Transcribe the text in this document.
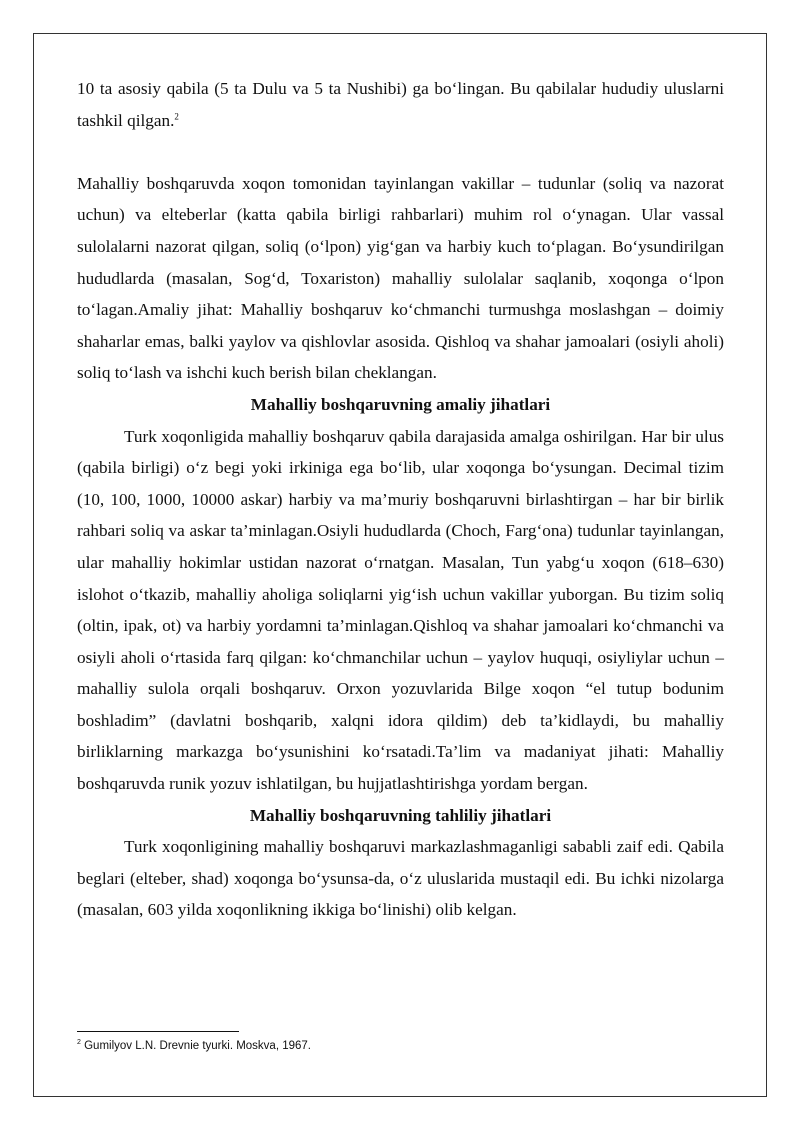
10 ta asosiy qabila (5 ta Dulu va 5 ta Nushibi) ga bo‘lingan. Bu qabilalar hududiy uluslarni tashkil qilgan.$^2$

Mahalliy boshqaruvda xoqon tomonidan tayinlangan vakillar – tudunlar (soliq va nazorat uchun) va elteberlar (katta qabila birligi rahbarlari) muhim rol o‘ynagan. Ular vassal sulolalarni nazorat qilgan, soliq (o‘lpon) yig‘gan va harbiy kuch to‘plagan. Bo‘ysundirilgan hududlarda (masalan, Sog‘d, Toxariston) mahalliy sulolalar saqlanib, xoqonga o‘lpon to‘lagan.Amaliy jihat: Mahalliy boshqaruv ko‘chmanchi turmushga moslashgan – doimiy shaharlar emas, balki yaylov va qishlovlar asosida. Qishloq va shahar jamoalari (osiyli aholi) soliq to‘lash va ishchi kuch berish bilan cheklangan.

Mahalliy boshqaruvning amaliy jihatlari

Turk xoqonligida mahalliy boshqaruv qabila darajasida amalga oshirilgan. Har bir ulus (qabila birligi) o‘z begi yoki irkiniga ega bo‘lib, ular xoqonga bo‘ysungan. Decimal tizim (10, 100, 1000, 10000 askar) harbiy va ma’muriy boshqaruvni birlashtirgan – har bir birlik rahbari soliq va askar ta’minlagan.Osiyli hududlarda (Choch, Farg‘ona) tudunlar tayinlangan, ular mahalliy hokimlar ustidan nazorat o‘rnatgan. Masalan, Tun yabg‘u xoqon (618–630) islohot o‘tkazib, mahalliy aholiga soliqlarni yig‘ish uchun vakillar yuborgan. Bu tizim soliq (oltin, ipak, ot) va harbiy yordamni ta’minlagan.Qishloq va shahar jamoalari ko‘chmanchi va osiyli aholi o‘rtasida farq qilgan: ko‘chmanchilar uchun – yaylov huquqi, osiyliylar uchun – mahalliy sulola orqali boshqaruv. Orxon yozuvlarida Bilge xoqon “el tutup bodunim boshladim” (davlatni boshqarib, xalqni idora qildim) deb ta’kidlaydi, bu mahalliy birliklarning markazga bo‘ysunishini ko‘rsatadi.Ta’lim va madaniyat jihati: Mahalliy boshqaruvda runik yozuv ishlatilgan, bu hujjatlashtirishga yordam bergan.

Mahalliy boshqaruvning tahliliy jihatlari

Turk xoqonligining mahalliy boshqaruvi markazlashmaganligi sababli zaif edi. Qabila beglari (elteber, shad) xoqonga bo‘ysunsa-da, o‘z uluslarida mustaqil edi. Bu ichki nizolarga (masalan, 603 yilda xoqonlikning ikkiga bo‘linishi) olib kelgan.

$^2$ Gumilyov L.N. Drevnie tyurki. Moskva, 1967.
